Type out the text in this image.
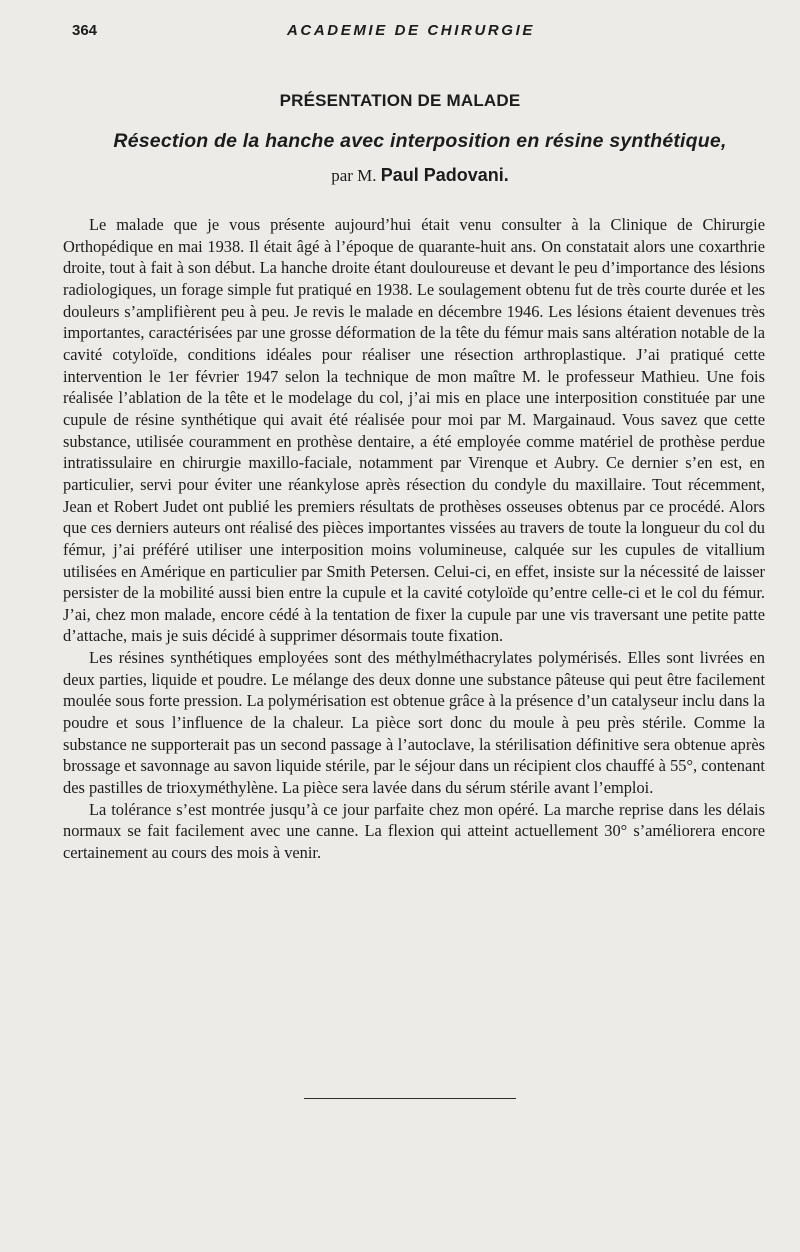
364	ACADEMIE DE CHIRURGIE
PRÉSENTATION DE MALADE
Résection de la hanche avec interposition en résine synthétique,
par M. Paul Padovani.

Le malade que je vous présente aujourd’hui était venu consulter à la Clinique de Chirurgie Orthopédique en mai 1938. Il était âgé à l’époque de quarante-huit ans. On constatait alors une coxarthrie droite, tout à fait à son début. La hanche droite étant douloureuse et devant le peu d’importance des lésions radiologiques, un forage simple fut pratiqué en 1938. Le soulagement obtenu fut de très courte durée et les douleurs s’amplifièrent peu à peu. Je revis le malade en décembre 1946. Les lésions étaient devenues très importantes, caractérisées par une grosse déformation de la tête du fémur mais sans altération notable de la cavité cotyloïde, conditions idéales pour réaliser une résection arthroplastique. J’ai pratiqué cette intervention le 1er février 1947 selon la technique de mon maître M. le professeur Mathieu. Une fois réalisée l’ablation de la tête et le modelage du col, j’ai mis en place une interposition constituée par une cupule de résine synthétique qui avait été réalisée pour moi par M. Margainaud. Vous savez que cette substance, utilisée couramment en prothèse dentaire, a été employée comme matériel de prothèse perdue intratissulaire en chirurgie maxillo-faciale, notamment par Virenque et Aubry. Ce dernier s’en est, en particulier, servi pour éviter une réankylose après résection du condyle du maxillaire. Tout récemment, Jean et Robert Judet ont publié les premiers résultats de prothèses osseuses obtenus par ce procédé. Alors que ces derniers auteurs ont réalisé des pièces importantes vissées au travers de toute la longueur du col du fémur, j’ai préféré utiliser une interposition moins volumineuse, calquée sur les cupules de vitallium utilisées en Amérique en particulier par Smith Petersen. Celui-ci, en effet, insiste sur la nécessité de laisser persister de la mobilité aussi bien entre la cupule et la cavité cotyloïde qu’entre celle-ci et le col du fémur. J’ai, chez mon malade, encore cédé à la tentation de fixer la cupule par une vis traversant une petite patte d’attache, mais je suis décidé à supprimer désormais toute fixation.

Les résines synthétiques employées sont des méthylméthacrylates polymérisés. Elles sont livrées en deux parties, liquide et poudre. Le mélange des deux donne une substance pâteuse qui peut être facilement moulée sous forte pression. La polymérisation est obtenue grâce à la présence d’un catalyseur inclu dans la poudre et sous l’influence de la chaleur. La pièce sort donc du moule à peu près stérile. Comme la substance ne supporterait pas un second passage à l’autoclave, la stérilisation définitive sera obtenue après brossage et savonnage au savon liquide stérile, par le séjour dans un récipient clos chauffé à 55°, contenant des pastilles de trioxyméthylène. La pièce sera lavée dans du sérum stérile avant l’emploi.

La tolérance s’est montrée jusqu’à ce jour parfaite chez mon opéré. La marche reprise dans les délais normaux se fait facilement avec une canne. La flexion qui atteint actuellement 30° s’améliorera encore certainement au cours des mois à venir.
